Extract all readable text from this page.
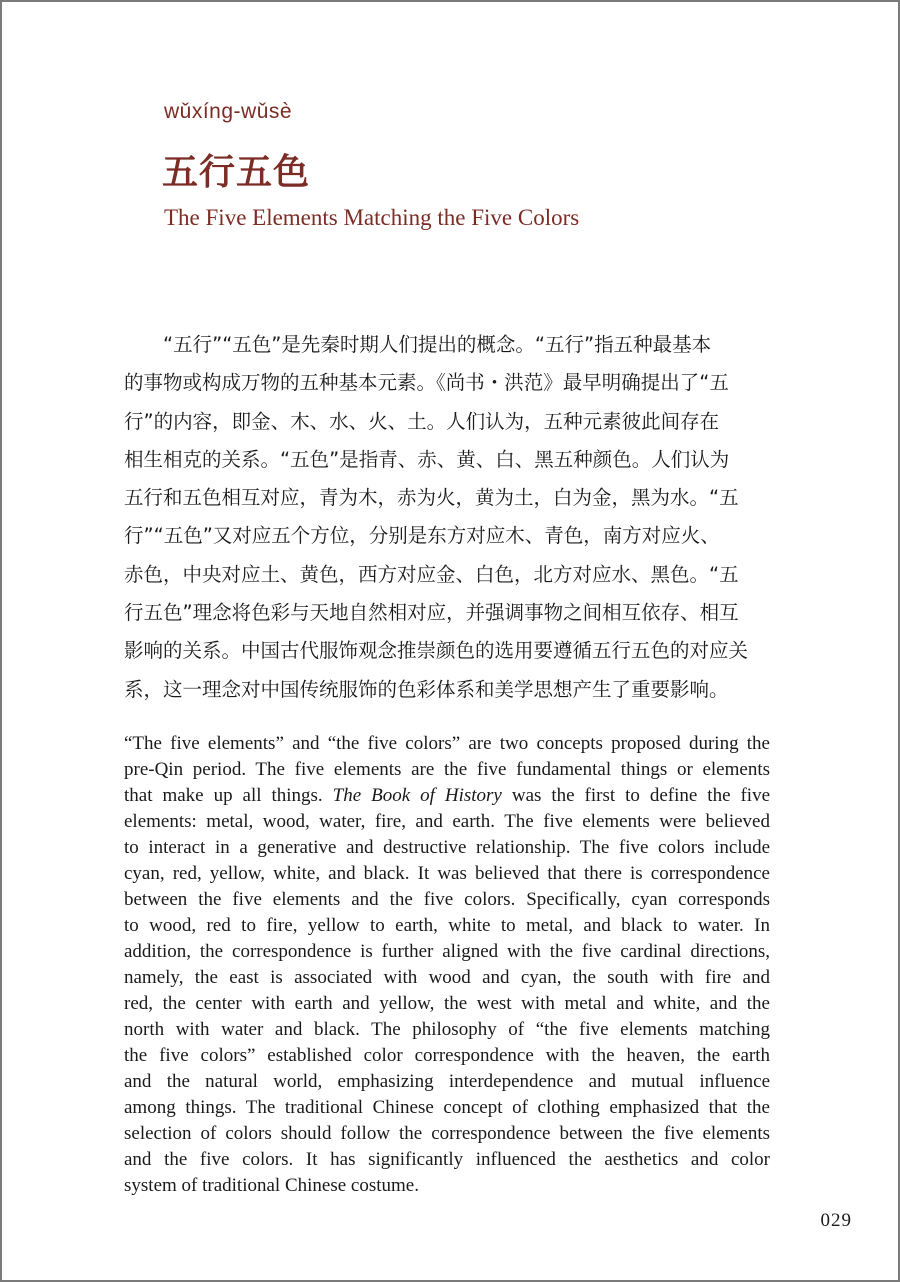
wǔxíng-wǔsè
五行五色
The Five Elements Matching the Five Colors
“五行”“五色”是先秦时期人们提出的概念。“五行”指五种最基本
的事物或构成万物的五种基本元素。《尚书・洪范》最早明确提出了“五
行”的内容，即金、木、水、火、土。人们认为，五种元素彼此间存在
相生相克的关系。“五色”是指青、赤、黄、白、黑五种颜色。人们认为
五行和五色相互对应，青为木，赤为火，黄为土，白为金，黑为水。“五
行”“五色”又对应五个方位，分别是东方对应木、青色，南方对应火、
赤色，中央对应土、黄色，西方对应金、白色，北方对应水、黑色。“五
行五色”理念将色彩与天地自然相对应，并强调事物之间相互依存、相互
影响的关系。中国古代服饰观念推崇颜色的选用要遵循五行五色的对应关
系，这一理念对中国传统服饰的色彩体系和美学思想产生了重要影响。
“The five elements” and “the five colors” are two concepts proposed during the
pre-Qin period. The five elements are the five fundamental things or elements
that make up all things. The Book of History was the first to define the five
elements: metal, wood, water, fire, and earth. The five elements were believed
to interact in a generative and destructive relationship. The five colors include
cyan, red, yellow, white, and black. It was believed that there is correspondence
between the five elements and the five colors. Specifically, cyan corresponds
to wood, red to fire, yellow to earth, white to metal, and black to water. In
addition, the correspondence is further aligned with the five cardinal directions,
namely, the east is associated with wood and cyan, the south with fire and
red, the center with earth and yellow, the west with metal and white, and the
north with water and black. The philosophy of “the five elements matching
the five colors” established color correspondence with the heaven, the earth
and the natural world, emphasizing interdependence and mutual influence
among things. The traditional Chinese concept of clothing emphasized that the
selection of colors should follow the correspondence between the five elements
and the five colors. It has significantly influenced the aesthetics and color
system of traditional Chinese costume.
029
